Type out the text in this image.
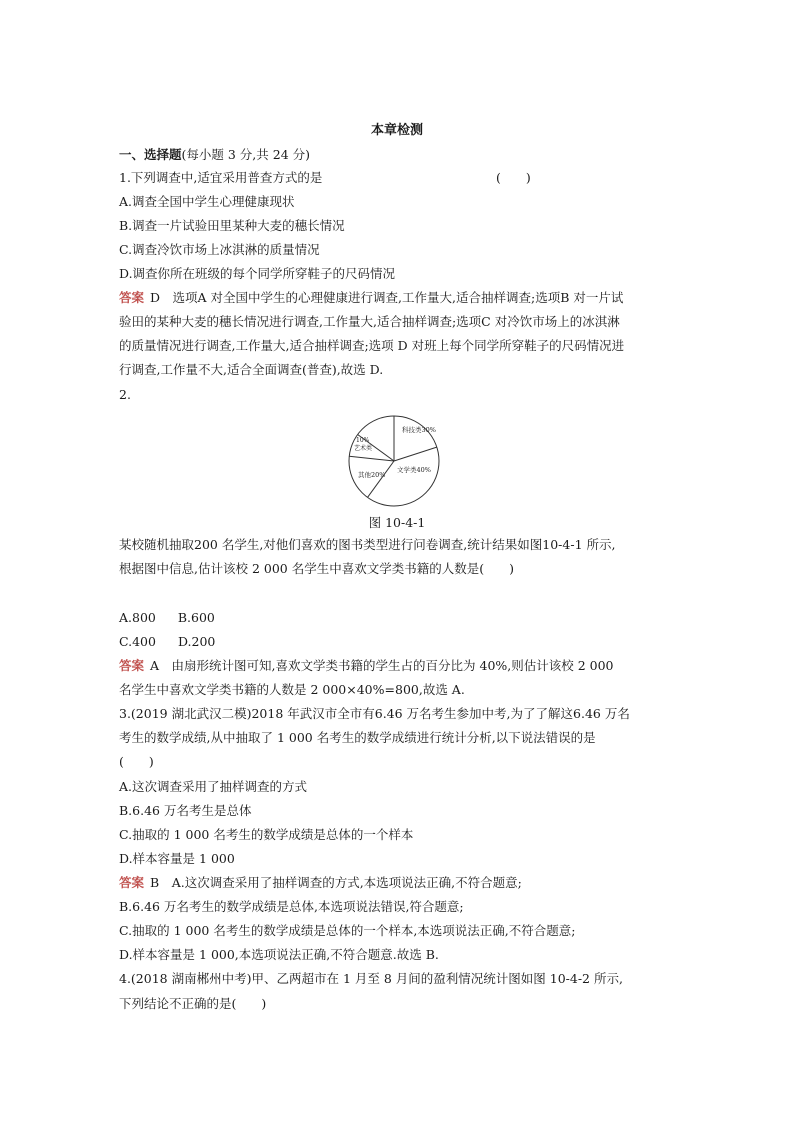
本章检测
一、选择题(每小题 3 分,共 24 分)
1.下列调查中,适宜采用普查方式的是	(　　)
A.调查全国中学生心理健康现状
B.调查一片试验田里某种大麦的穗长情况
C.调查冷饮市场上冰淇淋的质量情况
D.调查你所在班级的每个同学所穿鞋子的尺码情况
答案 D　选项A 对全国中学生的心理健康进行调查,工作量大,适合抽样调查;选项B 对一片试
验田的某种大麦的穗长情况进行调查,工作量大,适合抽样调查;选项C 对冷饮市场上的冰淇淋
的质量情况进行调查,工作量大,适合抽样调查;选项 D 对班上每个同学所穿鞋子的尺码情况进
行调查,工作量不大,适合全面调查(普查),故选 D.
2.
科技类30%
10%
艺术类
其他20%
文学类40%
图 10-4-1
某校随机抽取200 名学生,对他们喜欢的图书类型进行问卷调查,统计结果如图10-4-1 所示,
根据图中信息,估计该校 2 000 名学生中喜欢文学类书籍的人数是(　　)
A.800 B.600
C.400 D.200
答案 A　由扇形统计图可知,喜欢文学类书籍的学生占的百分比为 40%,则估计该校 2 000
名学生中喜欢文学类书籍的人数是 2 000×40%=800,故选 A.
3.(2019 湖北武汉二模)2018 年武汉市全市有6.46 万名考生参加中考,为了了解这6.46 万名
考生的数学成绩,从中抽取了 1 000 名考生的数学成绩进行统计分析,以下说法错误的是
(　　)
A.这次调查采用了抽样调查的方式
B.6.46 万名考生是总体
C.抽取的 1 000 名考生的数学成绩是总体的一个样本
D.样本容量是 1 000
答案 B　A.这次调查采用了抽样调查的方式,本选项说法正确,不符合题意;
B.6.46 万名考生的数学成绩是总体,本选项说法错误,符合题意;
C.抽取的 1 000 名考生的数学成绩是总体的一个样本,本选项说法正确,不符合题意;
D.样本容量是 1 000,本选项说法正确,不符合题意.故选 B.
4.(2018 湖南郴州中考)甲、乙两超市在 1 月至 8 月间的盈利情况统计图如图 10-4-2 所示,
下列结论不正确的是(　　)
